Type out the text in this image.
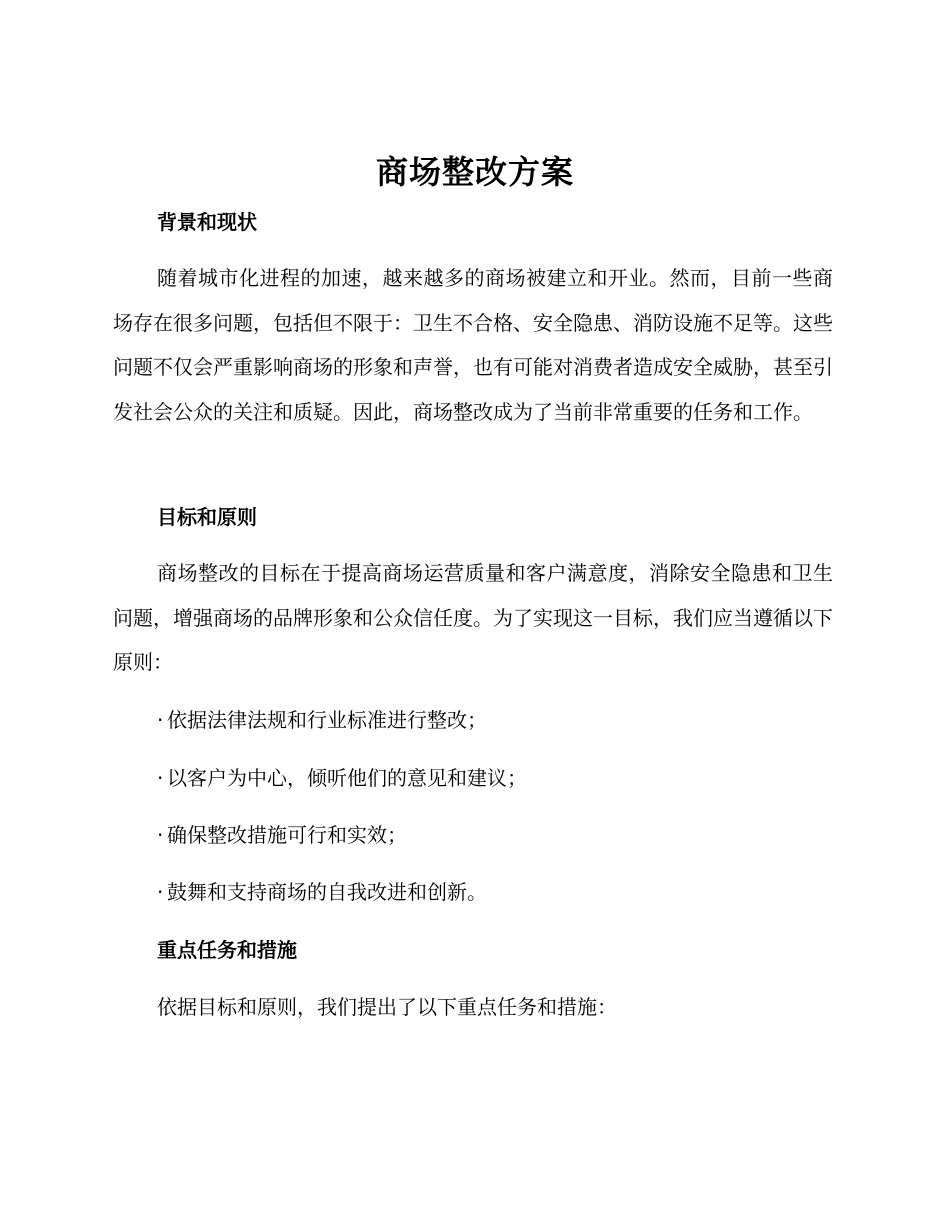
商场整改方案
背景和现状

随着城市化进程的加速，越来越多的商场被建立和开业。然而，目前一些商场存在很多问题，包括但不限于：卫生不合格、安全隐患、消防设施不足等。这些问题不仅会严重影响商场的形象和声誉，也有可能对消费者造成安全威胁，甚至引发社会公众的关注和质疑。因此，商场整改成为了当前非常重要的任务和工作。

目标和原则

商场整改的目标在于提高商场运营质量和客户满意度，消除安全隐患和卫生问题，增强商场的品牌形象和公众信任度。为了实现这一目标，我们应当遵循以下原则：

· 依据法律法规和行业标准进行整改；
· 以客户为中心，倾听他们的意见和建议；
· 确保整改措施可行和实效；
· 鼓舞和支持商场的自我改进和创新。
重点任务和措施
依据目标和原则，我们提出了以下重点任务和措施：
